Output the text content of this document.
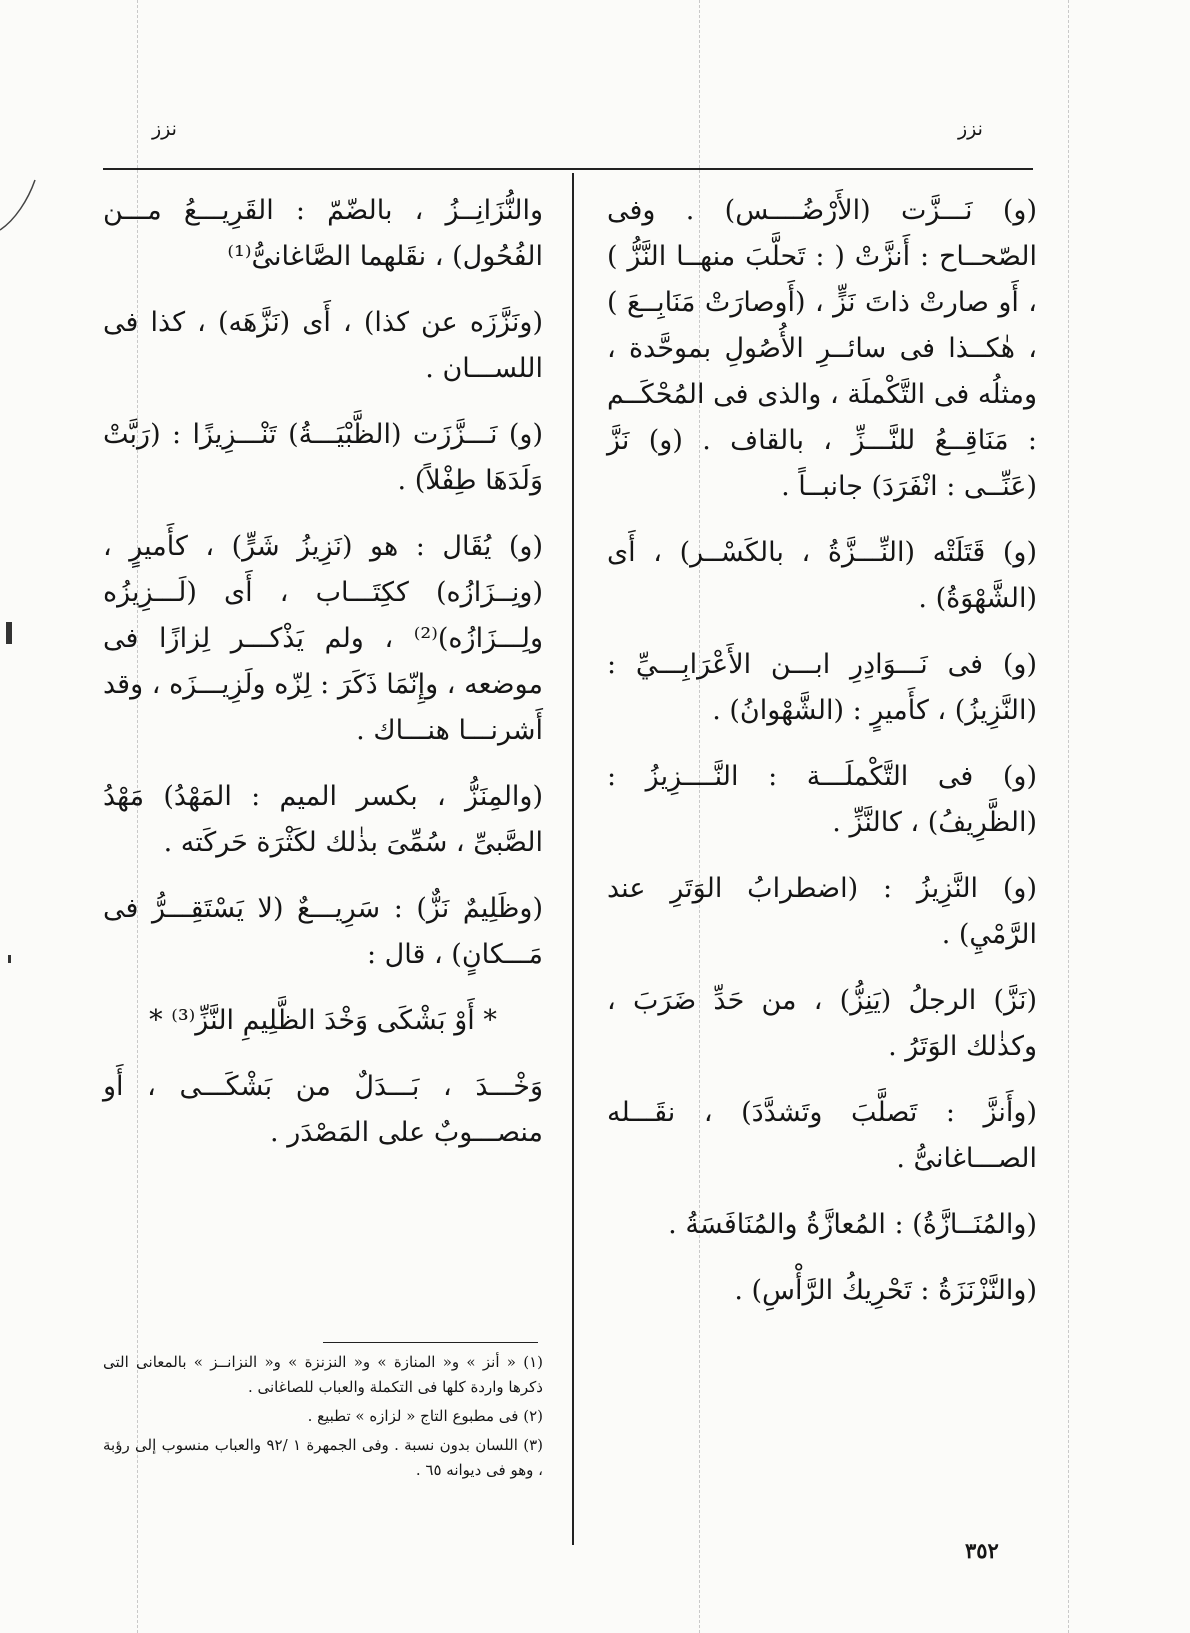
نزز	نزز

(و) نَـــزَّت (الأَرْضُــــس) . وفى الصّحــاح : أَنزَّتْ ( : تَحلَّبَ منهــا النَّزُّ ) ، أَو صارتْ ذاتَ نَزٍّ ، (أَوصارَتْ مَنَابِــعَ ) ، هٰكــذا فى سائــرِ الأُصُولِ بموحَّدة ، ومثلُه فى التَّكْملَة ، والذى فى المُحْكَــم : مَنَاقِــعُ للنَّـــزِّ ، بالقاف . (و) نَزَّ (عَنِّــى : انْفَرَدَ) جانبــاً .

(و) قَتَلَتْه (النِّـــزَّةُ ، بالكَسْــر) ، أَى (الشَّهْوَةُ) .

(و) فى نَـــوَادِرِ ابـــن الأَعْرَابِـــيِّ : (النَّزِيزُ) ، كأَميرٍ : (الشَّهْوانُ) .

(و) فى التَّكْملَـــة : النَّــــزِيزُ : (الظَّرِيفُ) ، كالنَّزِّ .

(و) النَّزِيزُ : (اضطرابُ الوَتَرِ عند الرَّمْيِ) .

(نَزَّ) الرجلُ (يَنِزُّ) ، من حَدِّ ضَرَبَ ، وكذٰلك الوَتَرُ .

(وأَنزَّ : تَصلَّبَ وتَشدَّدَ) ، نقَـــله الصـــاغانىُّ .

(والمُنَــازَّةُ) : المُعازَّةُ والمُنَافَسَةُ .

(والنَّزْنَزَةُ : تَحْرِيكُ الرَّأْسِ) .

والنُّزَانِــزُ ، بالضّمّ : القَرِيـــعُ مـــن الفُحُول) ، نقَلهما الصَّاغانىُّ⁽¹⁾

(ونَزَّزَه عن كذا) ، أَى (نَزَّهَه) ، كذا فى اللســـان .

(و) نَـــزَّزَت (الظَّبْيَـــةُ) تَنْـــزِيزًا : (رَبَّتْ وَلَدَهَا طِفْلاً) .

(و) يُقَال : هو (نَزِيزُ شَرٍّ) ، كأَميرٍ ، (ونِــزَازُه) ككِتَـــاب ، أَى (لَـــزِيزُه ولِـــزَازُه)⁽²⁾ ، ولم يَذْكـــر لِزازًا فى موضعه ، وإِنّمَا ذَكَرَ : لِزّه ولَزِيـــزَه ، وقد أَشرنـــا هنـــاك .

(والمِنَزُّ ، بكسر الميم : المَهْدُ) مَهْدُ الصَّبىِّ ، سُمِّىَ بذٰلك لكَثْرَة حَركَته .

(وظَلِيمٌ نَزٌّ) : سَرِيـــعٌ (لا يَسْتَقِـــرُّ فى مَـــكانٍ) ، قال :

* أَوْ بَشْكَى وَخْدَ الظَّلِيمِ النَّزِّ⁽³⁾ *

وَخْـــدَ ، بَـــدَلٌ من بَشْكَـــى ، أَو منصـــوبٌ على المَصْدَر .

(١) « أنز » و« المنازة » و« النزنزة » و« النزانــز » بالمعانى التى ذكرها واردة كلها فى التكملة والعباب للصاغانى .

(٢) فى مطبوع التاج « لزازه » تطبيع .

(٣) اللسان بدون نسبة . وفى الجمهرة ١ /٩٢ والعباب منسوب إلى رؤبة ، وهو فى ديوانه ٦٥ .

٣٥٢
